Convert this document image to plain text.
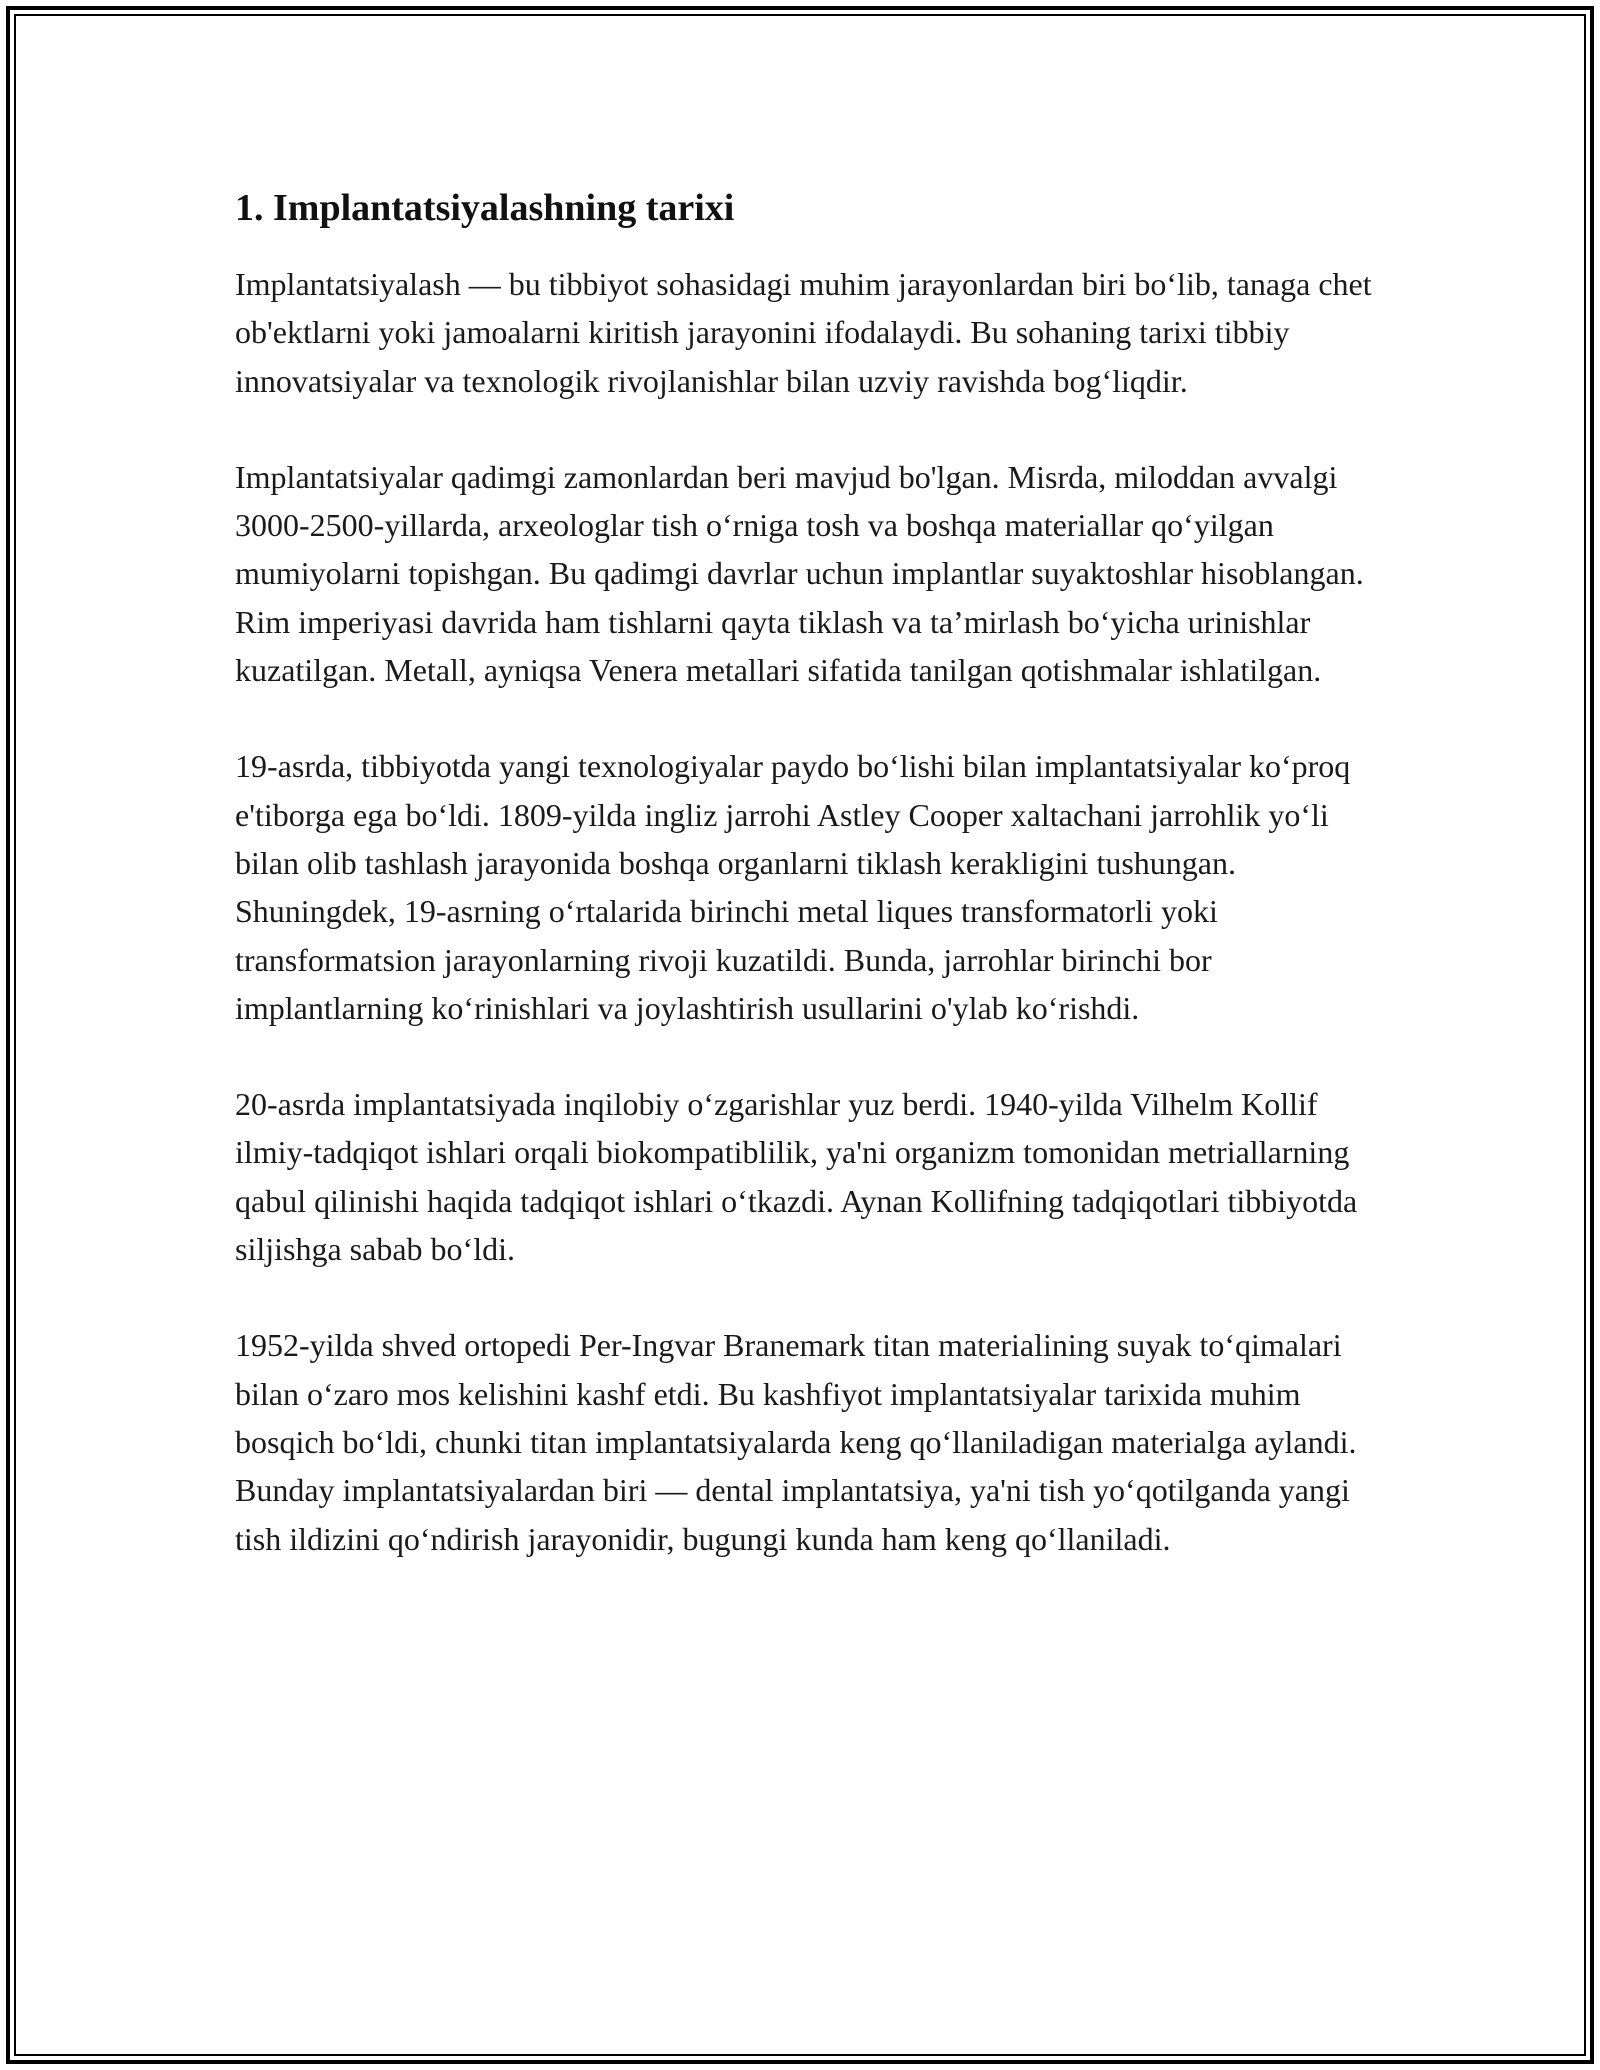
1. Implantatsiyalashning tarixi

Implantatsiyalash — bu tibbiyot sohasidagi muhim jarayonlardan biri bo‘lib, tanaga chet ob'ektlarni yoki jamoalarni kiritish jarayonini ifodalaydi. Bu sohaning tarixi tibbiy innovatsiyalar va texnologik rivojlanishlar bilan uzviy ravishda bog‘liqdir.

Implantatsiyalar qadimgi zamonlardan beri mavjud bo'lgan. Misrda, miloddan avvalgi 3000-2500-yillarda, arxeologlar tish o‘rniga tosh va boshqa materiallar qo‘yilgan mumiyolarni topishgan. Bu qadimgi davrlar uchun implantlar suyaktoshlar hisoblangan. Rim imperiyasi davrida ham tishlarni qayta tiklash va ta’mirlash bo‘yicha urinishlar kuzatilgan. Metall, ayniqsa Venera metallari sifatida tanilgan qotishmalar ishlatilgan.

19-asrda, tibbiyotda yangi texnologiyalar paydo bo‘lishi bilan implantatsiyalar ko‘proq e'tiborga ega bo‘ldi. 1809-yilda ingliz jarrohi Astley Cooper xaltachani jarrohlik yo‘li bilan olib tashlash jarayonida boshqa organlarni tiklash kerakligini tushungan. Shuningdek, 19-asrning o‘rtalarida birinchi metal liques transformatorli yoki transformatsion jarayonlarning rivoji kuzatildi. Bunda, jarrohlar birinchi bor implantlarning ko‘rinishlari va joylashtirish usullarini o'ylab ko‘rishdi.

20-asrda implantatsiyada inqilobiy o‘zgarishlar yuz berdi. 1940-yilda Vilhelm Kollif ilmiy-tadqiqot ishlari orqali biokompatiblilik, ya'ni organizm tomonidan metriallarning qabul qilinishi haqida tadqiqot ishlari o‘tkazdi. Aynan Kollifning tadqiqotlari tibbiyotda siljishga sabab bo‘ldi.

1952-yilda shved ortopedi Per-Ingvar Branemark titan materialining suyak to‘qimalari bilan o‘zaro mos kelishini kashf etdi. Bu kashfiyot implantatsiyalar tarixida muhim bosqich bo‘ldi, chunki titan implantatsiyalarda keng qo‘llaniladigan materialga aylandi. Bunday implantatsiyalardan biri — dental implantatsiya, ya'ni tish yo‘qotilganda yangi tish ildizini qo‘ndirish jarayonidir, bugungi kunda ham keng qo‘llaniladi.
